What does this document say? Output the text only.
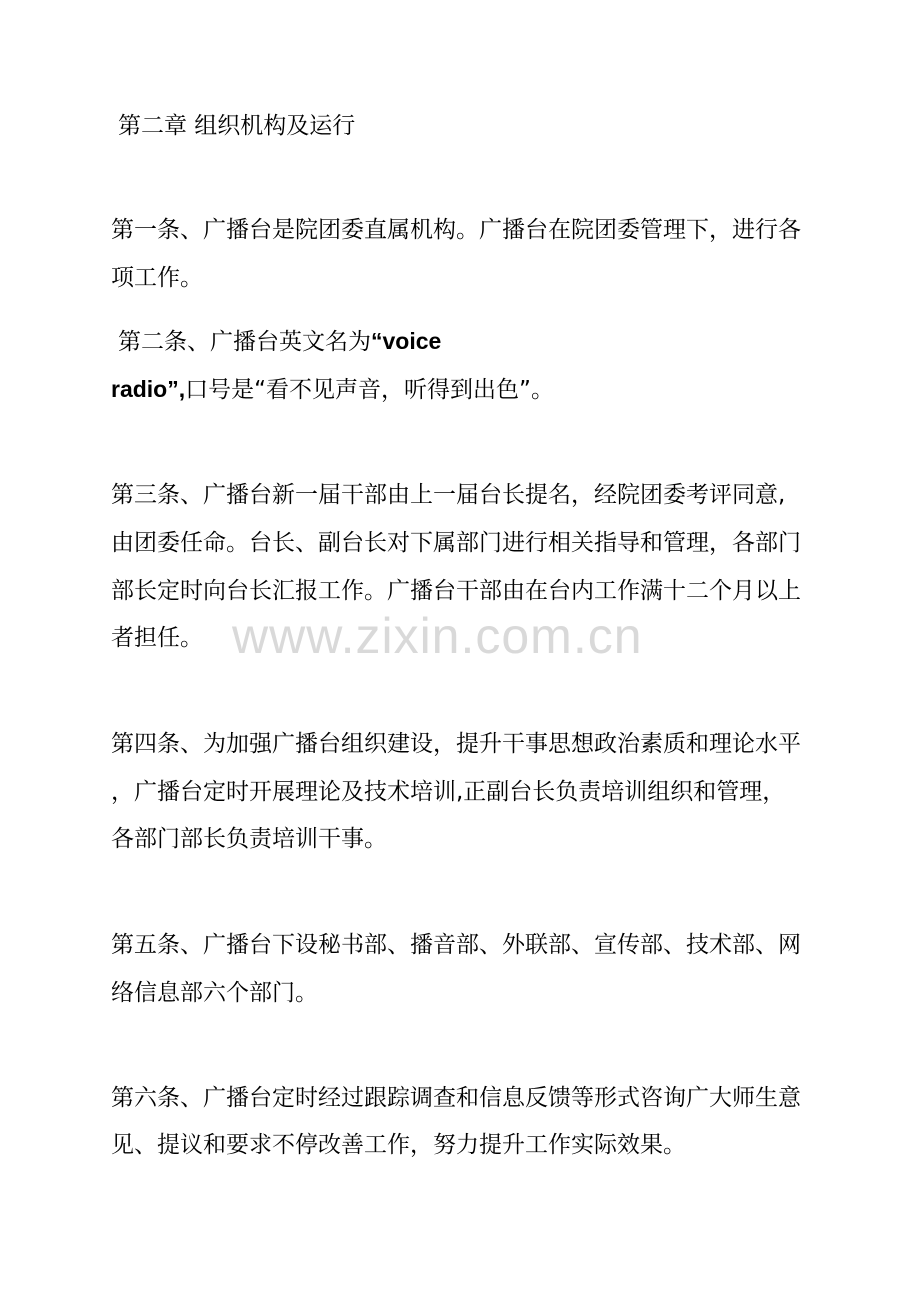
第二章 组织机构及运行
第一条、广播台是院团委直属机构。广播台在院团委管理下，进行各
项工作。
第二条、广播台英文名为“voice
radio”,口号是“看不见声音，听得到出色”。
第三条、广播台新一届干部由上一届台长提名，经院团委考评同意,
由团委任命。台长、副台长对下属部门进行相关指导和管理，各部门
部长定时向台长汇报工作。广播台干部由在台内工作满十二个月以上
者担任。 www.zixin.com.cn
第四条、为加强广播台组织建设，提升干事思想政治素质和理论水平
，广播台定时开展理论及技术培训,正副台长负责培训组织和管理，
各部门部长负责培训干事。
第五条、广播台下设秘书部、播音部、外联部、宣传部、技术部、网
络信息部六个部门。
第六条、广播台定时经过跟踪调查和信息反馈等形式咨询广大师生意
见、提议和要求不停改善工作，努力提升工作实际效果。
